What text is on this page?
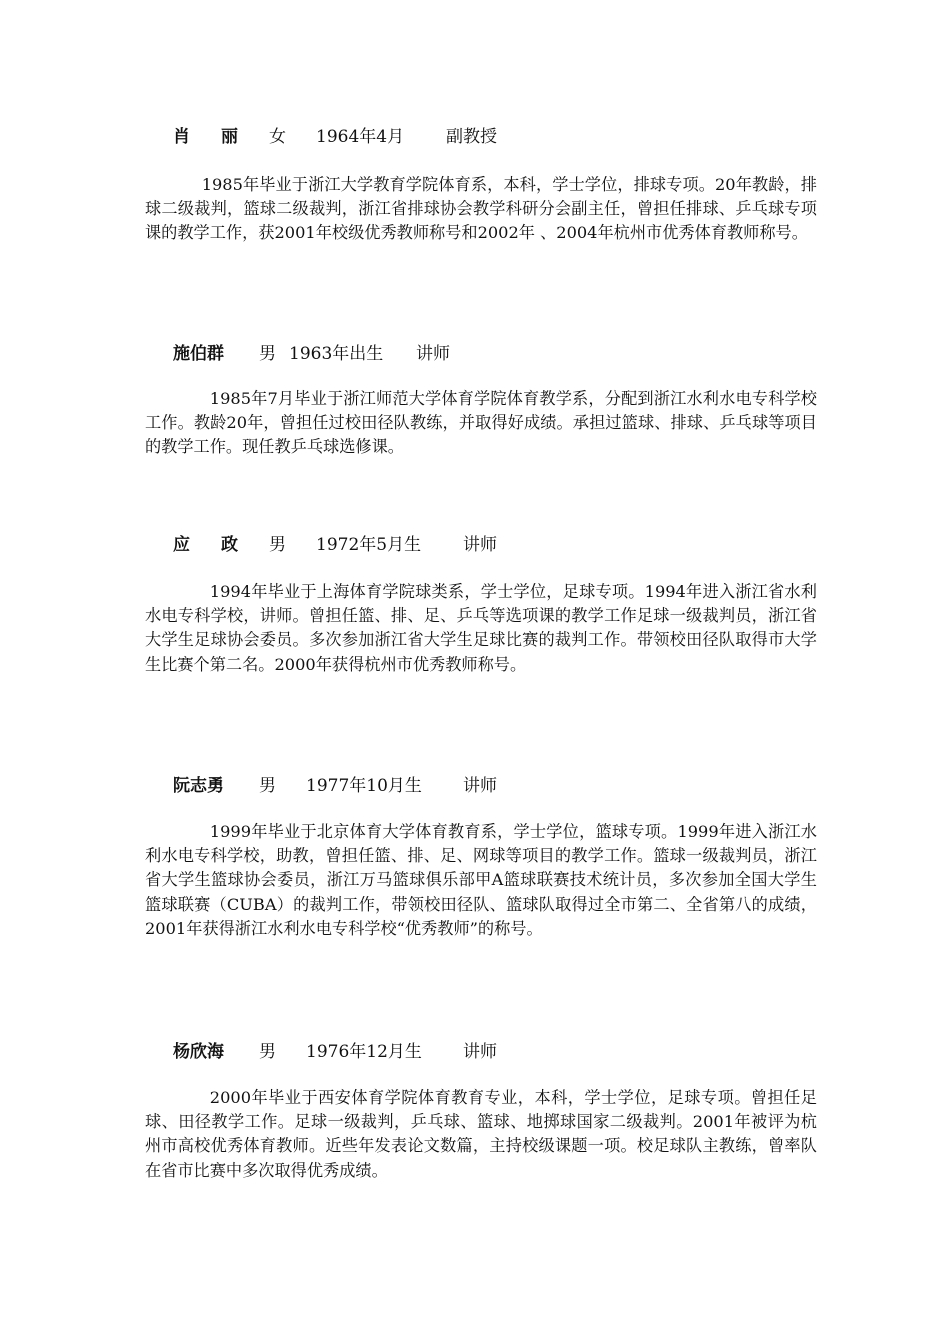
肖丽 女 1964年4月 副教授

1985年毕业于浙江大学教育学院体育系，本科，学士学位，排球专项。20年教龄，排球二级裁判，篮球二级裁判，浙江省排球协会教学科研分会副主任，曾担任排球、乒乓球专项课的教学工作，获2001年校级优秀教师称号和2002年 、2004年杭州市优秀体育教师称号。

施伯群 男 1963年出生 讲师

1985年7月毕业于浙江师范大学体育学院体育教学系，分配到浙江水利水电专科学校工作。教龄20年，曾担任过校田径队教练，并取得好成绩。承担过篮球、排球、乒乓球等项目的教学工作。现任教乒乓球选修课。

应政 男 1972年5月生 讲师

1994年毕业于上海体育学院球类系，学士学位，足球专项。1994年进入浙江省水利水电专科学校，讲师。曾担任篮、排、足、乒乓等选项课的教学工作足球一级裁判员，浙江省大学生足球协会委员。多次参加浙江省大学生足球比赛的裁判工作。带领校田径队取得市大学生比赛个第二名。2000年获得杭州市优秀教师称号。

阮志勇 男 1977年10月生 讲师

1999年毕业于北京体育大学体育教育系，学士学位，篮球专项。1999年进入浙江水利水电专科学校，助教，曾担任篮、排、足、网球等项目的教学工作。篮球一级裁判员，浙江省大学生篮球协会委员，浙江万马篮球俱乐部甲A篮球联赛技术统计员，多次参加全国大学生篮球联赛（CUBA）的裁判工作，带领校田径队、篮球队取得过全市第二、全省第八的成绩，2001年获得浙江水利水电专科学校“优秀教师”的称号。

杨欣海 男 1976年12月生 讲师

2000年毕业于西安体育学院体育教育专业，本科，学士学位，足球专项。曾担任足球、田径教学工作。足球一级裁判，乒乓球、篮球、地掷球国家二级裁判。2001年被评为杭州市高校优秀体育教师。近些年发表论文数篇，主持校级课题一项。校足球队主教练，曾率队在省市比赛中多次取得优秀成绩。
